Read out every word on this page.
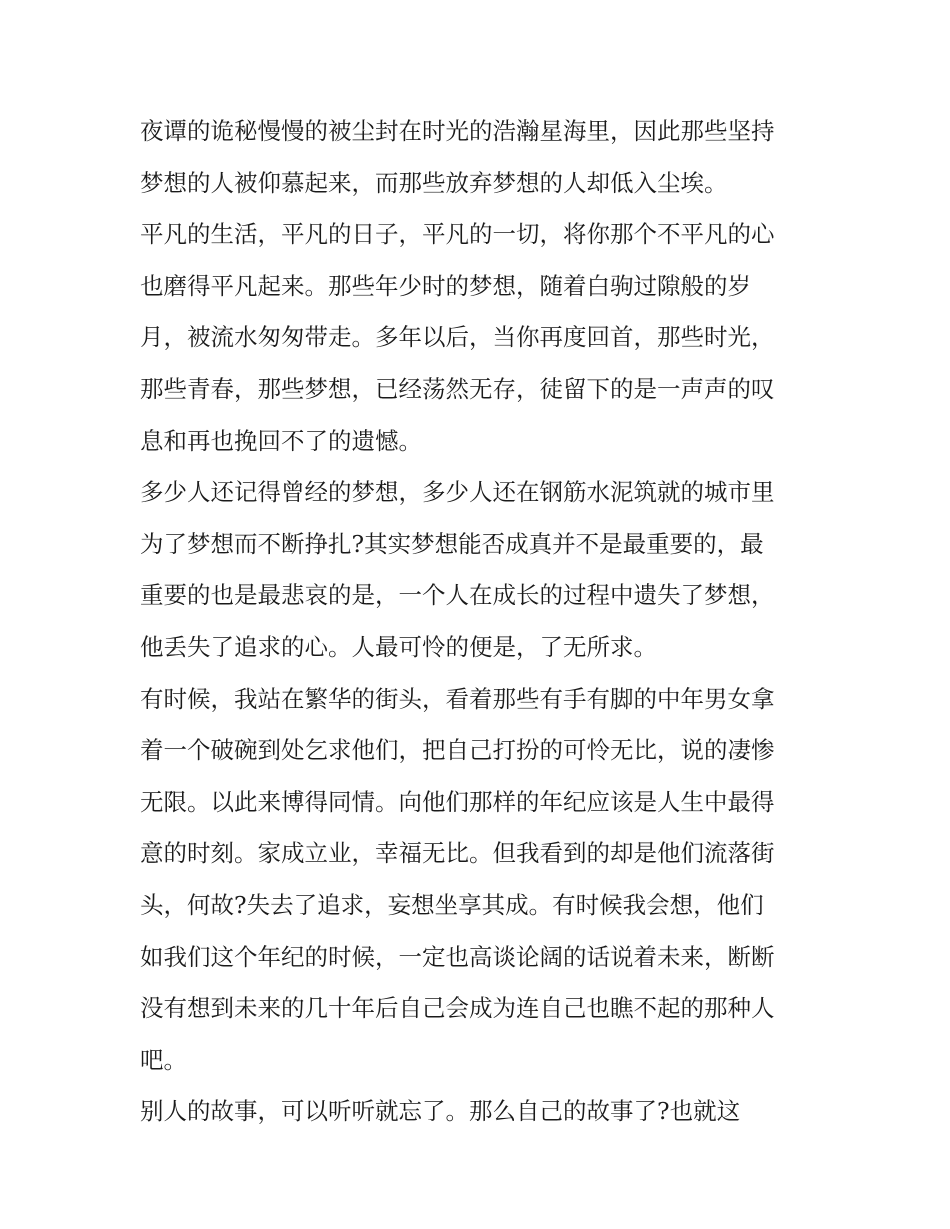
夜谭的诡秘慢慢的被尘封在时光的浩瀚星海里，因此那些坚持
梦想的人被仰慕起来，而那些放弃梦想的人却低入尘埃。

平凡的生活，平凡的日子，平凡的一切，将你那个不平凡的心
也磨得平凡起来。那些年少时的梦想，随着白驹过隙般的岁
月，被流水匆匆带走。多年以后，当你再度回首，那些时光，
那些青春，那些梦想，已经荡然无存，徒留下的是一声声的叹
息和再也挽回不了的遗憾。

多少人还记得曾经的梦想，多少人还在钢筋水泥筑就的城市里
为了梦想而不断挣扎?其实梦想能否成真并不是最重要的，最
重要的也是最悲哀的是，一个人在成长的过程中遗失了梦想，
他丢失了追求的心。人最可怜的便是，了无所求。

有时候，我站在繁华的街头，看着那些有手有脚的中年男女拿
着一个破碗到处乞求他们，把自己打扮的可怜无比，说的凄惨
无限。以此来博得同情。向他们那样的年纪应该是人生中最得
意的时刻。家成立业，幸福无比。但我看到的却是他们流落街
头，何故?失去了追求，妄想坐享其成。有时候我会想，他们
如我们这个年纪的时候，一定也高谈论阔的话说着未来，断断
没有想到未来的几十年后自己会成为连自己也瞧不起的那种人
吧。

别人的故事，可以听听就忘了。那么自己的故事了?也就这
